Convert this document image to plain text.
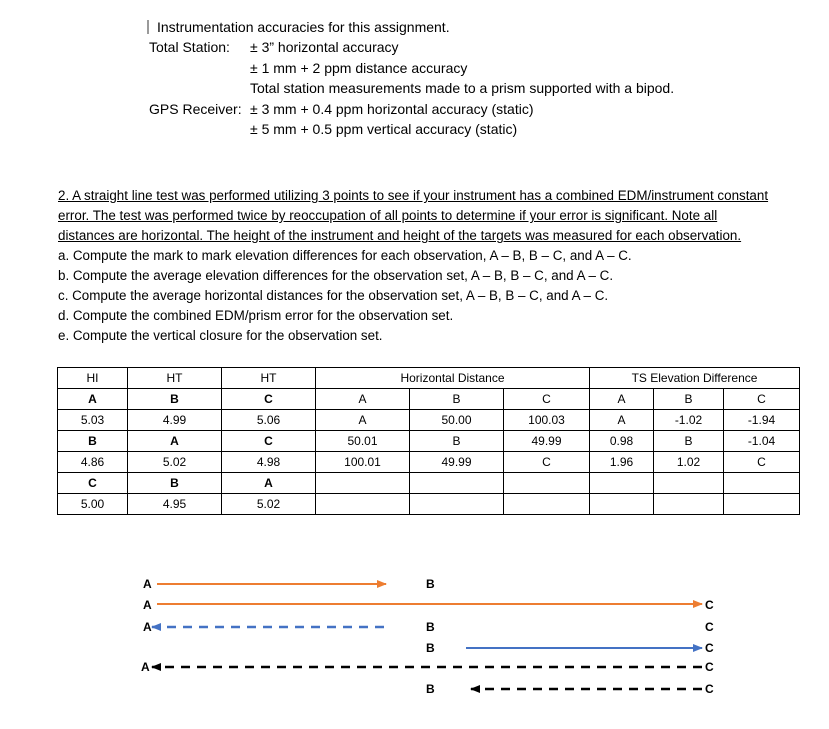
Instrumentation accuracies for this assignment.
Total Station: ± 3” horizontal accuracy
± 1 mm + 2 ppm distance accuracy
Total station measurements made to a prism supported with a bipod.
GPS Receiver: ± 3 mm + 0.4 ppm horizontal accuracy (static)
± 5 mm + 0.5 ppm vertical accuracy (static)
2. A straight line test was performed utilizing 3 points to see if your instrument has a combined EDM/instrument constant
error. The test was performed twice by reoccupation of all points to determine if your error is significant. Note all
distances are horizontal. The height of the instrument and height of the targets was measured for each observation.
a. Compute the mark to mark elevation differences for each observation, A – B, B – C, and A – C.
b. Compute the average elevation differences for the observation set, A – B, B – C, and A – C.
c. Compute the average horizontal distances for the observation set, A – B, B – C, and A – C.
d. Compute the combined EDM/prism error for the observation set.
e. Compute the vertical closure for the observation set.
HI	HT	HT	Horizontal Distance			TS Elevation Difference		
A	B	C	A	B	C	A	B	C
5.03	4.99	5.06	A	50.00	100.03	A	-1.02	-1.94
B	A	C	50.01	B	49.99	0.98	B	-1.04
4.86	5.02	4.98	100.01	49.99	C	1.96	1.02	C
C	B	A						
5.00	4.95	5.02						
A	B
A	C
A	B	C
B	C
A	C
B	C
